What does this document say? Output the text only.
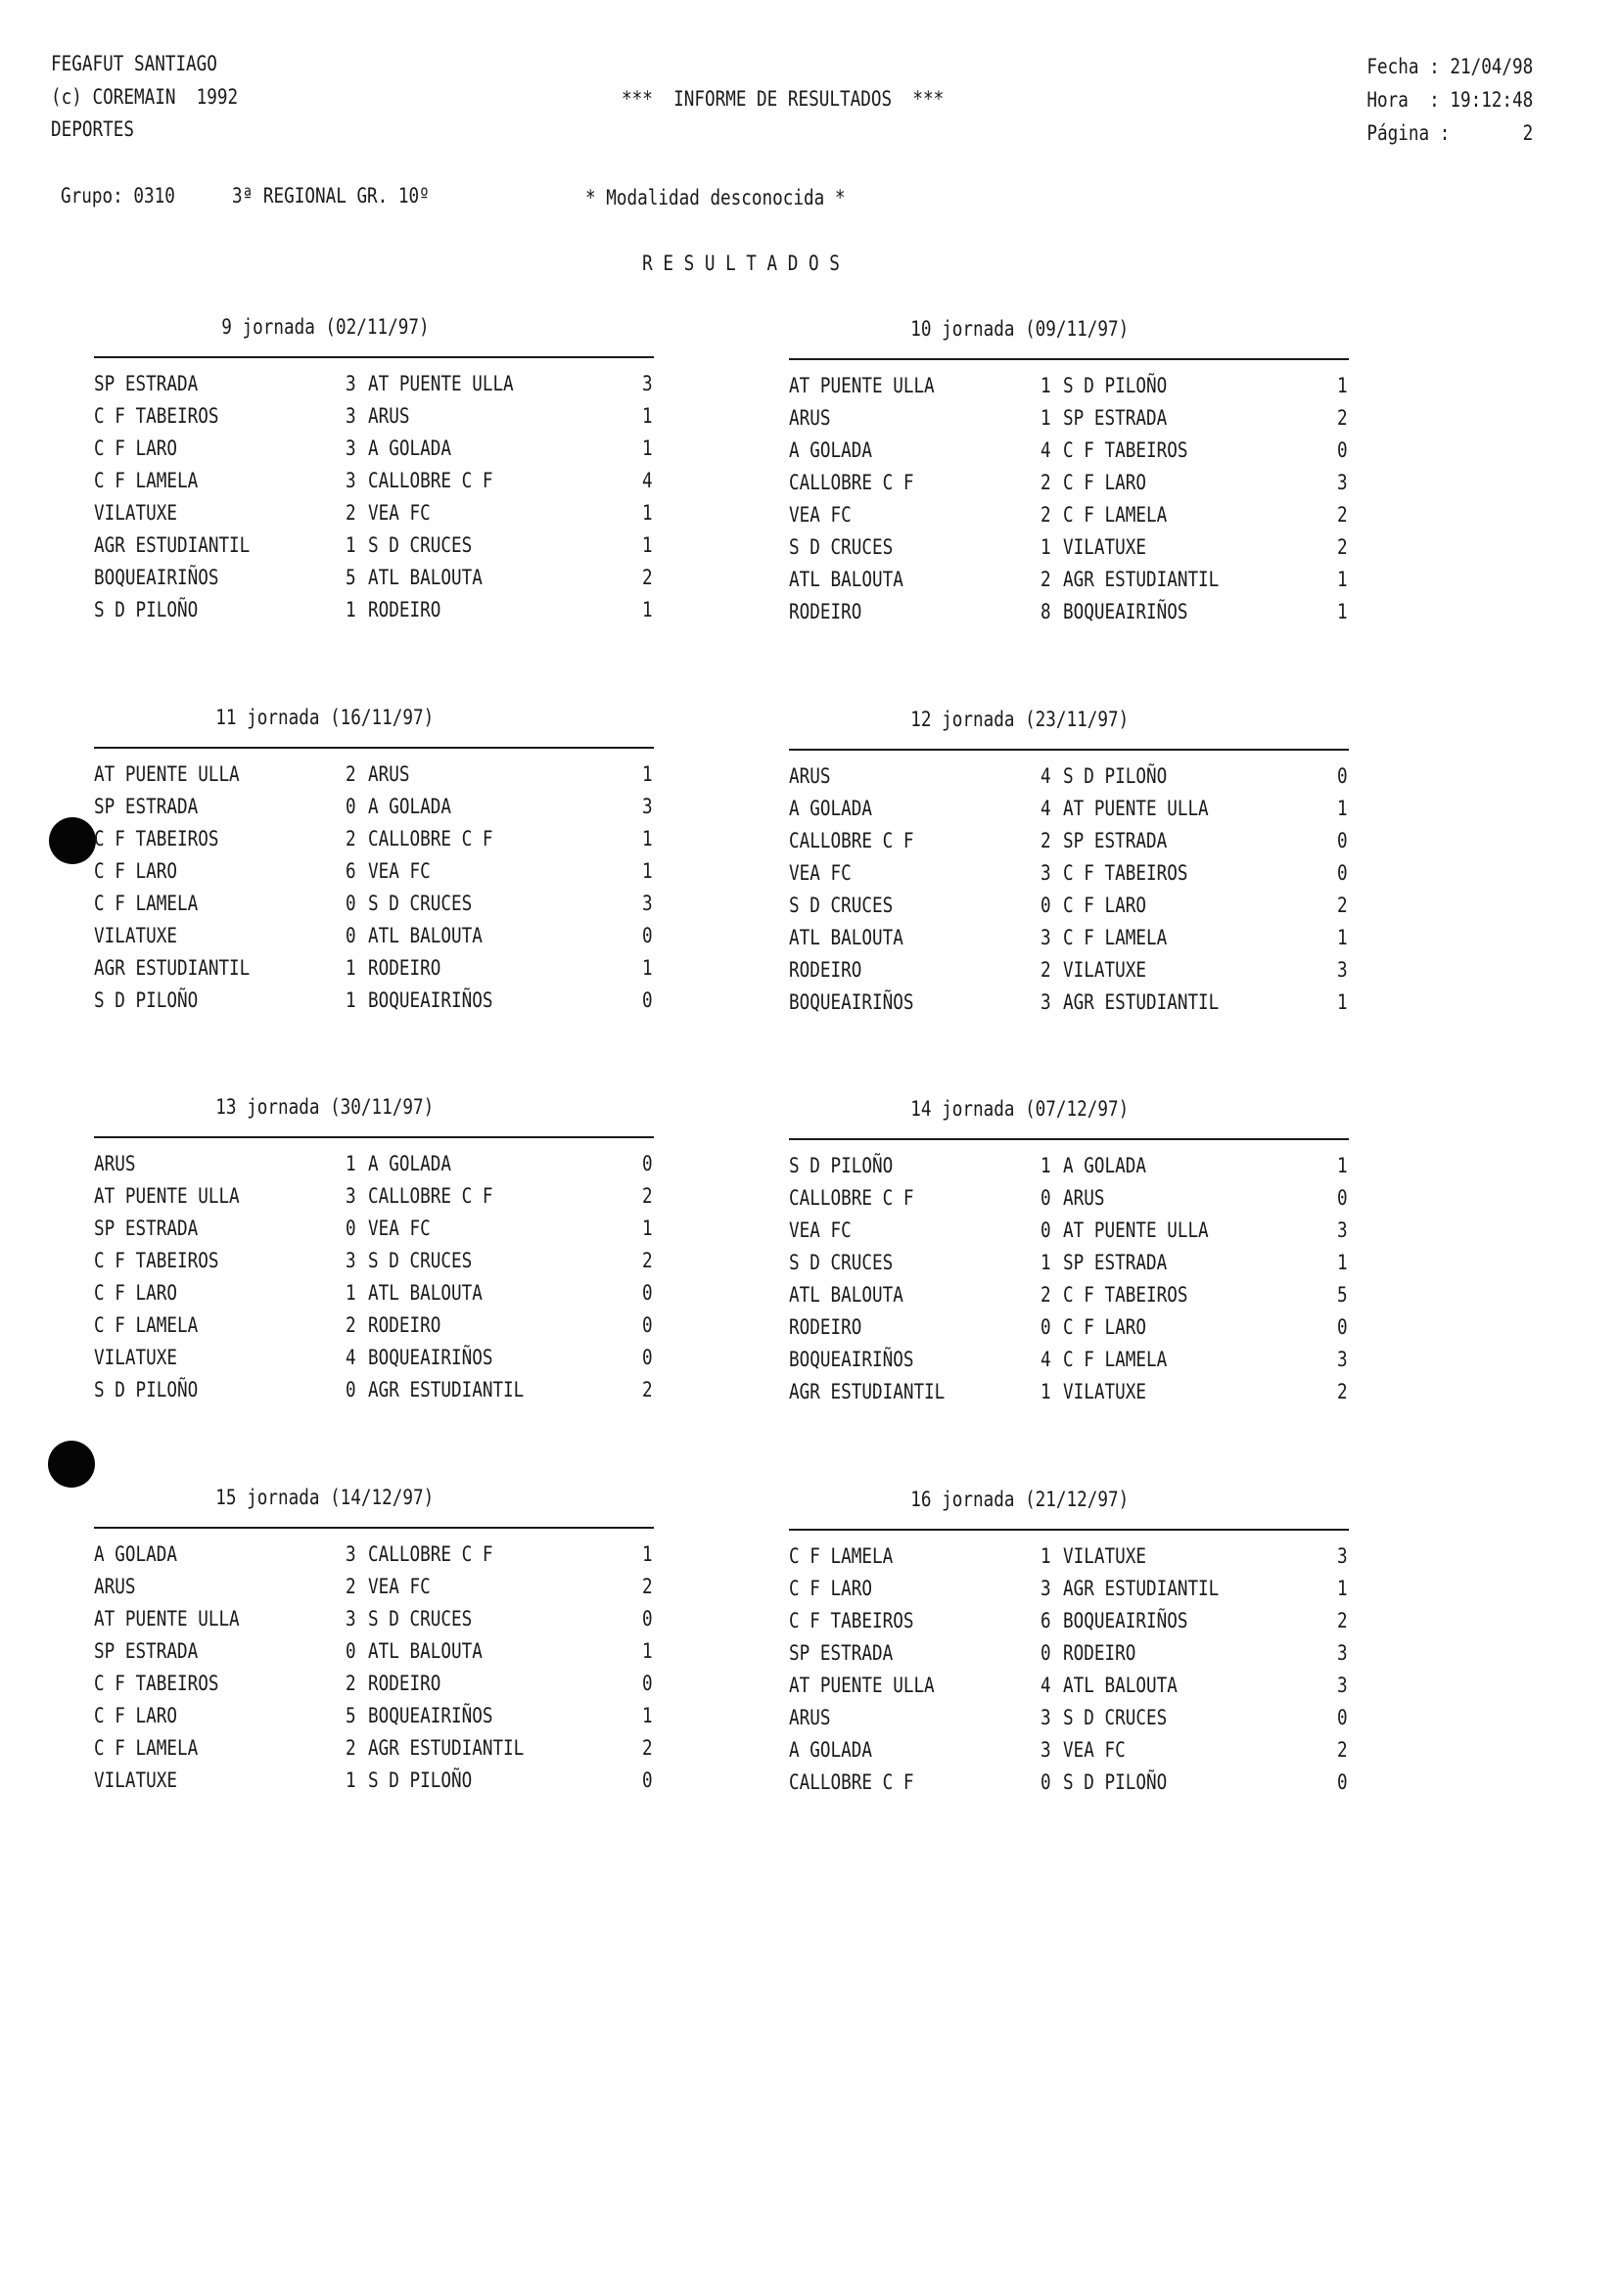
FEGAFUT SANTIAGO
(c) COREMAIN  1992
DEPORTES
***  INFORME DE RESULTADOS  ***
Fecha : 21/04/98
Hora  : 19:12:48
Página :       2
Grupo: 0310	3ª REGIONAL GR. 10º	* Modalidad desconocida *
R E S U L T A D O S
9 jornada (02/11/97)
SP ESTRADA	3 AT PUENTE ULLA	3
C F TABEIROS	3 ARUS	1
C F LARO	3 A GOLADA	1
C F LAMELA	3 CALLOBRE C F	4
VILATUXE	2 VEA FC	1
AGR ESTUDIANTIL	1 S D CRUCES	1
BOQUEAIRIÑOS	5 ATL BALOUTA	2
S D PILOÑO	1 RODEIRO	1
10 jornada (09/11/97)
AT PUENTE ULLA	1 S D PILOÑO	1
ARUS	1 SP ESTRADA	2
A GOLADA	4 C F TABEIROS	0
CALLOBRE C F	2 C F LARO	3
VEA FC	2 C F LAMELA	2
S D CRUCES	1 VILATUXE	2
ATL BALOUTA	2 AGR ESTUDIANTIL	1
RODEIRO	8 BOQUEAIRIÑOS	1
11 jornada (16/11/97)
AT PUENTE ULLA	2 ARUS	1
SP ESTRADA	0 A GOLADA	3
C F TABEIROS	2 CALLOBRE C F	1
C F LARO	6 VEA FC	1
C F LAMELA	0 S D CRUCES	3
VILATUXE	0 ATL BALOUTA	0
AGR ESTUDIANTIL	1 RODEIRO	1
S D PILOÑO	1 BOQUEAIRIÑOS	0
12 jornada (23/11/97)
ARUS	4 S D PILOÑO	0
A GOLADA	4 AT PUENTE ULLA	1
CALLOBRE C F	2 SP ESTRADA	0
VEA FC	3 C F TABEIROS	0
S D CRUCES	0 C F LARO	2
ATL BALOUTA	3 C F LAMELA	1
RODEIRO	2 VILATUXE	3
BOQUEAIRIÑOS	3 AGR ESTUDIANTIL	1
13 jornada (30/11/97)
ARUS	1 A GOLADA	0
AT PUENTE ULLA	3 CALLOBRE C F	2
SP ESTRADA	0 VEA FC	1
C F TABEIROS	3 S D CRUCES	2
C F LARO	1 ATL BALOUTA	0
C F LAMELA	2 RODEIRO	0
VILATUXE	4 BOQUEAIRIÑOS	0
S D PILOÑO	0 AGR ESTUDIANTIL	2
14 jornada (07/12/97)
S D PILOÑO	1 A GOLADA	1
CALLOBRE C F	0 ARUS	0
VEA FC	0 AT PUENTE ULLA	3
S D CRUCES	1 SP ESTRADA	1
ATL BALOUTA	2 C F TABEIROS	5
RODEIRO	0 C F LARO	0
BOQUEAIRIÑOS	4 C F LAMELA	3
AGR ESTUDIANTIL	1 VILATUXE	2
15 jornada (14/12/97)
A GOLADA	3 CALLOBRE C F	1
ARUS	2 VEA FC	2
AT PUENTE ULLA	3 S D CRUCES	0
SP ESTRADA	0 ATL BALOUTA	1
C F TABEIROS	2 RODEIRO	0
C F LARO	5 BOQUEAIRIÑOS	1
C F LAMELA	2 AGR ESTUDIANTIL	2
VILATUXE	1 S D PILOÑO	0
16 jornada (21/12/97)
C F LAMELA	1 VILATUXE	3
C F LARO	3 AGR ESTUDIANTIL	1
C F TABEIROS	6 BOQUEAIRIÑOS	2
SP ESTRADA	0 RODEIRO	3
AT PUENTE ULLA	4 ATL BALOUTA	3
ARUS	3 S D CRUCES	0
A GOLADA	3 VEA FC	2
CALLOBRE C F	0 S D PILOÑO	0
